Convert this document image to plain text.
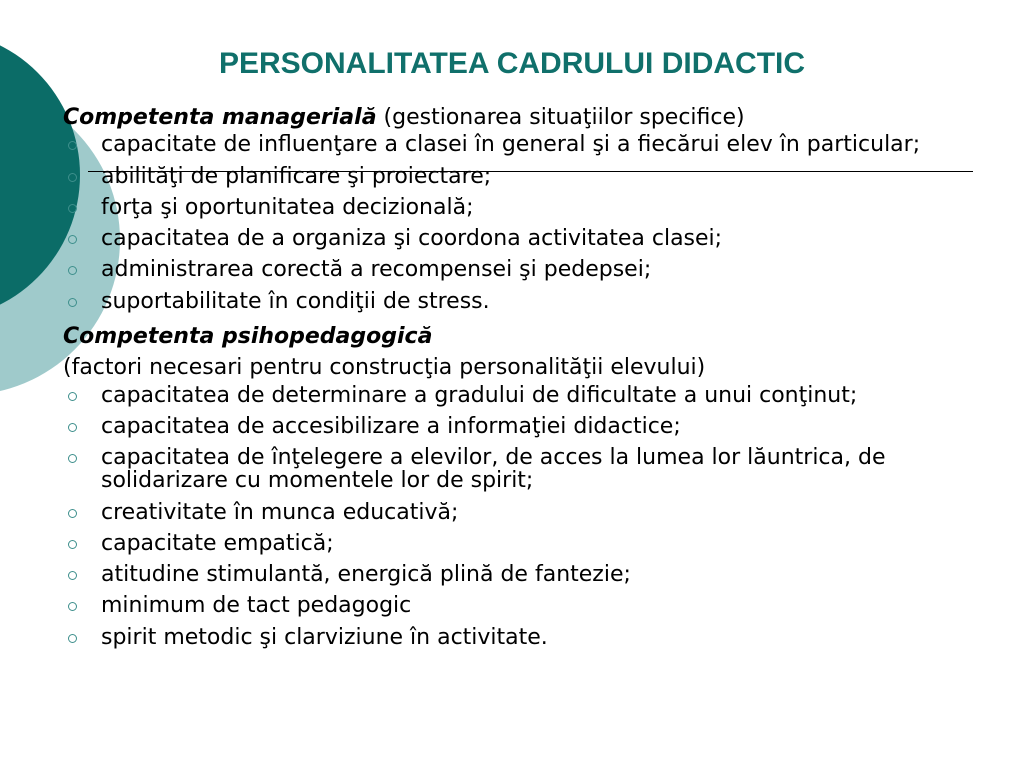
PERSONALITATEA CADRULUI DIDACTIC
Competenta managerială (gestionarea situaţiilor specifice)
capacitate de influenţare a clasei în general şi a fiecărui elev în particular;
abilităţi de planificare şi proiectare;
forţa şi oportunitatea decizională;
capacitatea de a organiza şi coordona activitatea clasei;
administrarea corectă a recompensei şi pedepsei;
suportabilitate în condiţii de stress.
Competenta psihopedagogică
(factori necesari pentru construcţia personalităţii elevului)
capacitatea de determinare a gradului de dificultate a unui conţinut;
capacitatea de accesibilizare a informaţiei didactice;
capacitatea de înţelegere a elevilor, de acces la lumea lor lăuntrica, de solidarizare cu momentele lor de spirit;
creativitate în munca educativă;
capacitate empatică;
atitudine stimulantă, energică plină de fantezie;
minimum de tact pedagogic
spirit metodic şi clarviziune în activitate.
